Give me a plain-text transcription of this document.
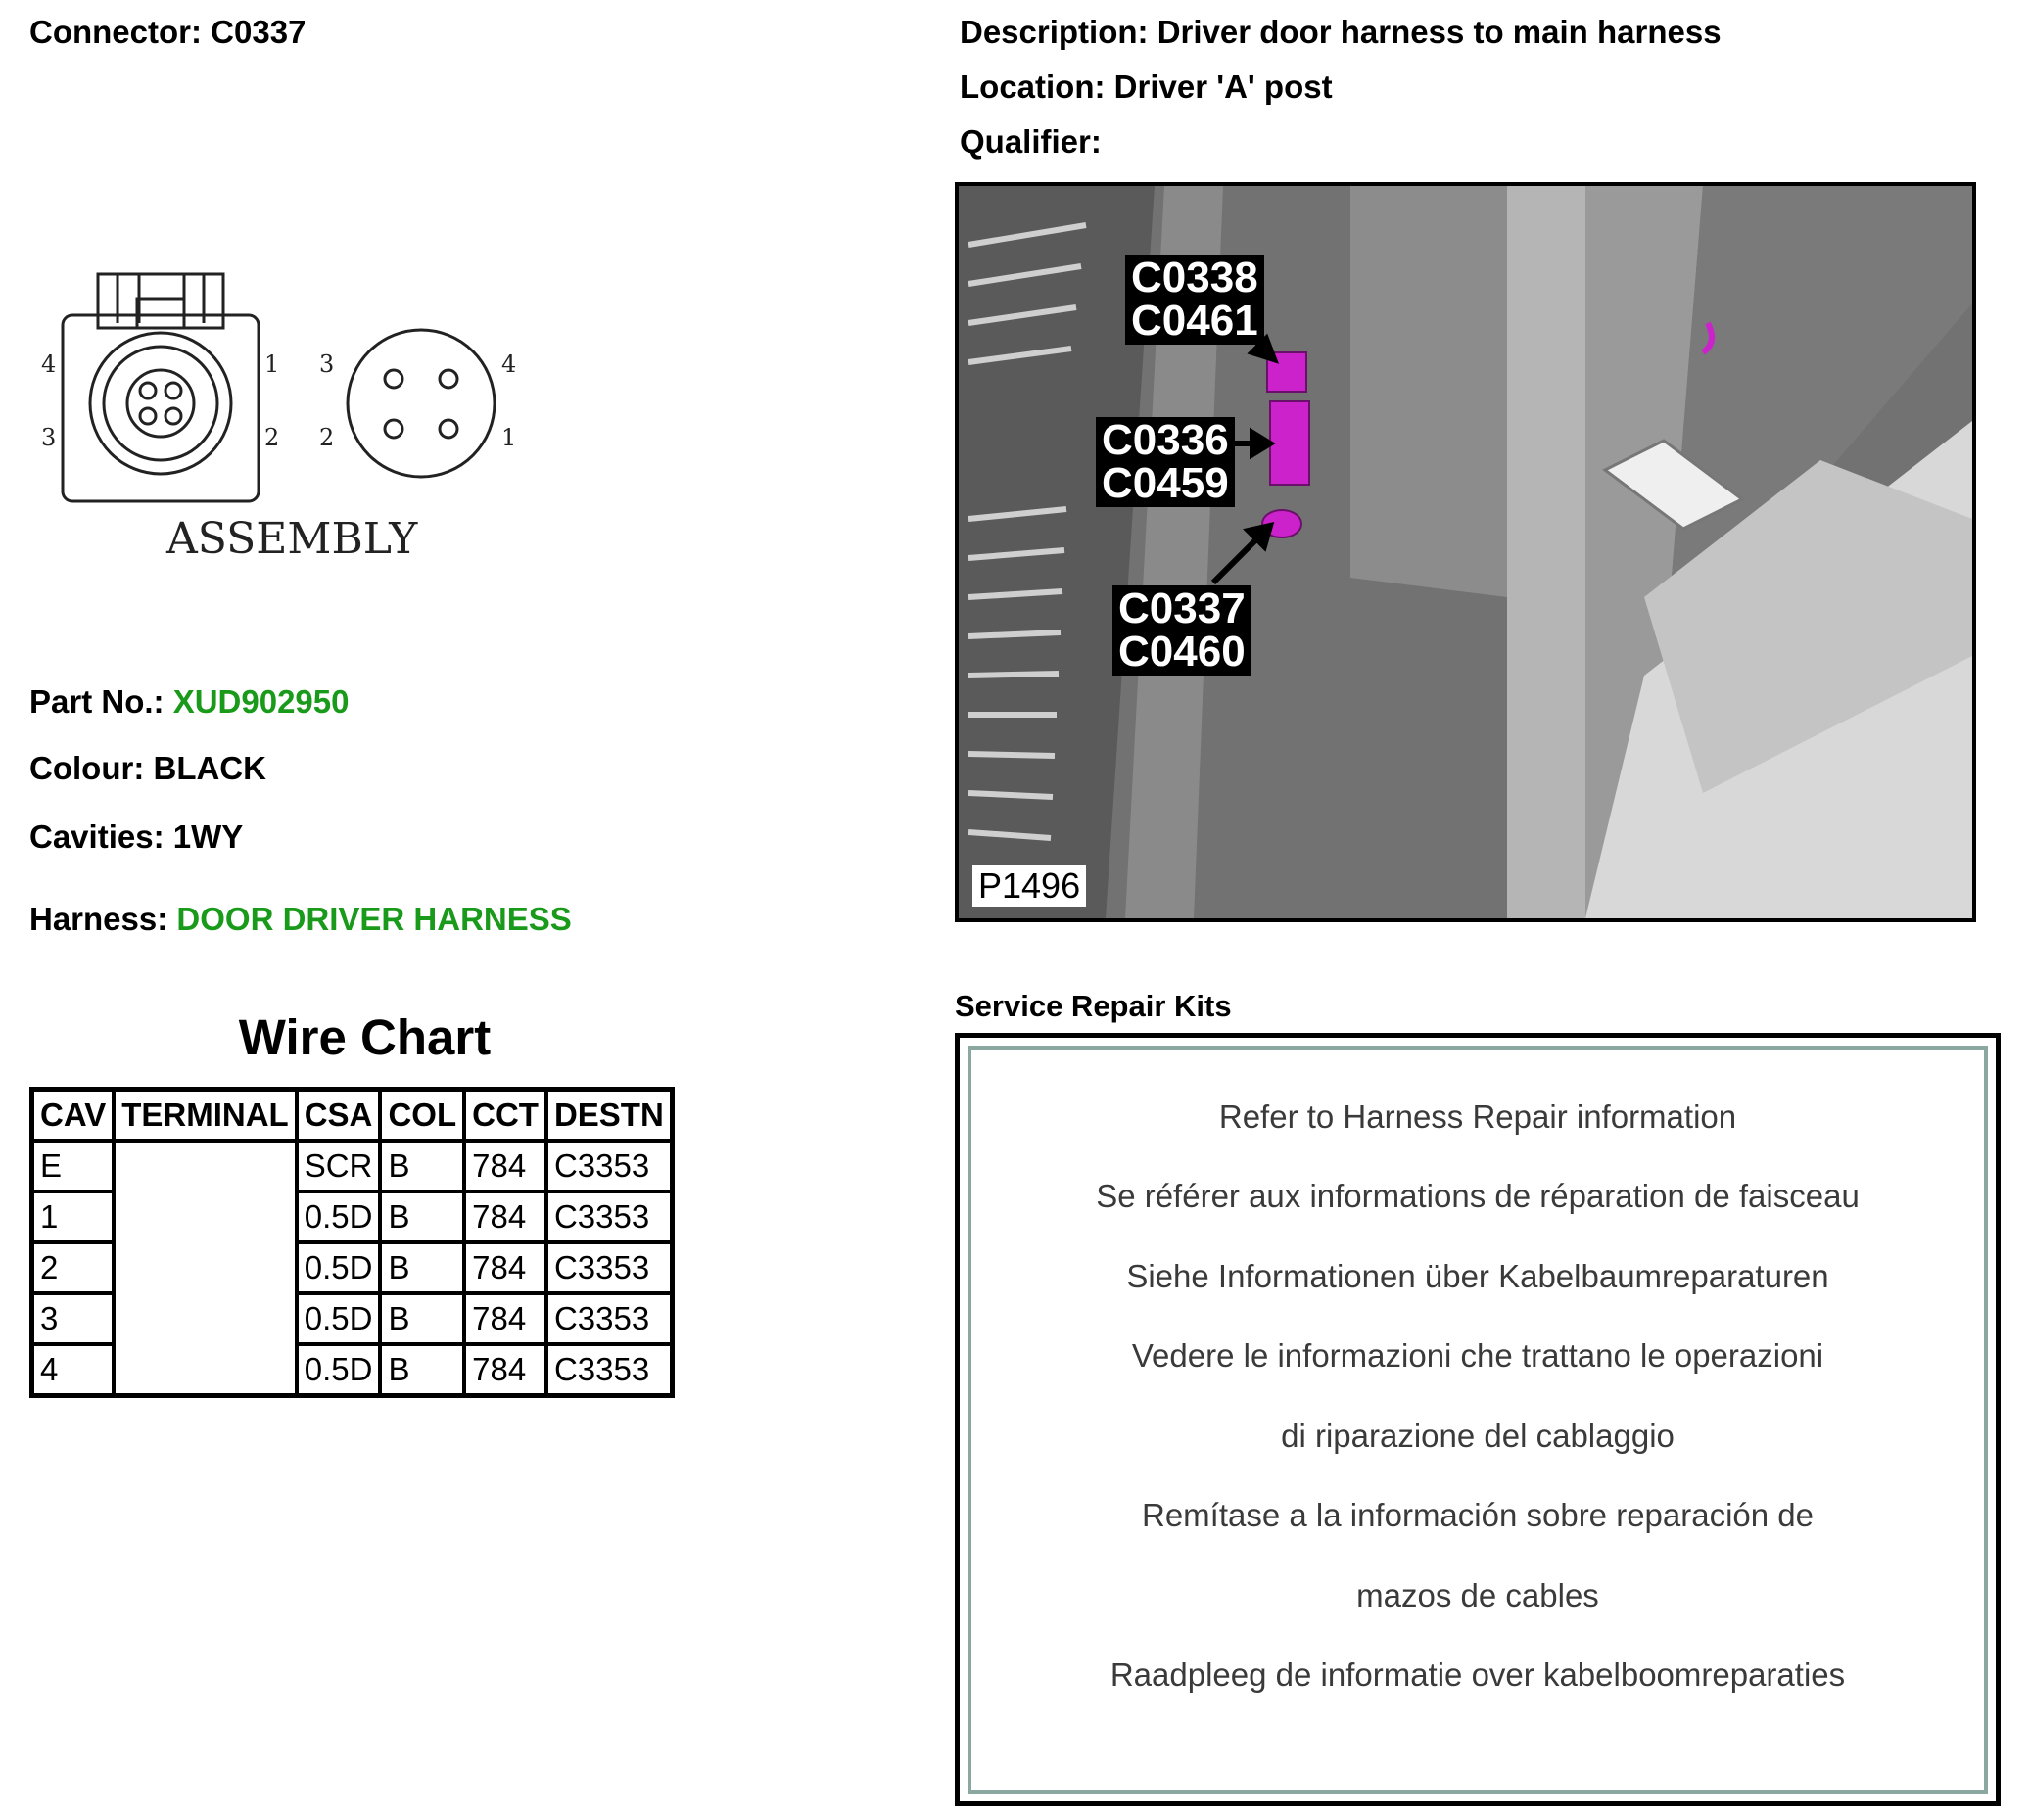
Connector: C0337	Description: Driver door harness to main harness
Location: Driver 'A' post
Qualifier:
4	1
3	2
3	4
2	1
ASSEMBLY
Part No.: XUD902950
Colour: BLACK
Cavities: 1WY
Harness: DOOR DRIVER HARNESS
Wire Chart
CAV	TERMINAL	CSA	COL	CCT	DESTN
E		SCR	B	784	C3353
1		0.5D	B	784	C3353
2		0.5D	B	784	C3353
3		0.5D	B	784	C3353
4		0.5D	B	784	C3353
C0338
C0461
C0336
C0459
C0337
C0460
P1496
Service Repair Kits
Refer to Harness Repair information
Se référer aux informations de réparation de faisceau
Siehe Informationen über Kabelbaumreparaturen
Vedere le informazioni che trattano le operazioni
di riparazione del cablaggio
Remítase a la información sobre reparación de
mazos de cables
Raadpleeg de informatie over kabelboomreparaties
